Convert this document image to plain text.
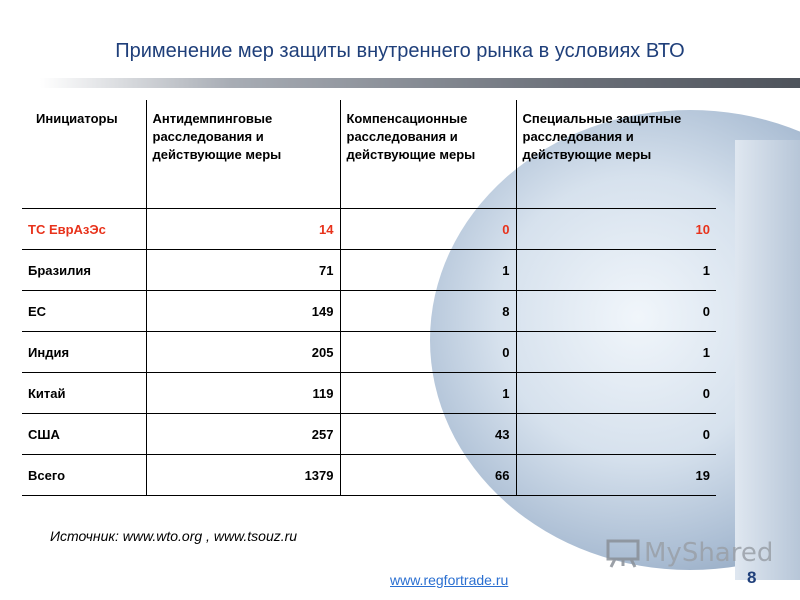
Применение мер защиты внутреннего рынка в условиях ВТО
Инициаторы	Антидемпинговые расследования и действующие меры	Компенсационные расследования и действующие меры	Специальные защитные расследования и действующие меры
ТС ЕврАзЭс	14	0	10
Бразилия	71	1	1
ЕС	149	8	0
Индия	205	0	1
Китай	119	1	0
США	257	43	0
Всего	1379	66	19
Источник: www.wto.org , www.tsouz.ru
MyShared
www.regfortrade.ru	8
